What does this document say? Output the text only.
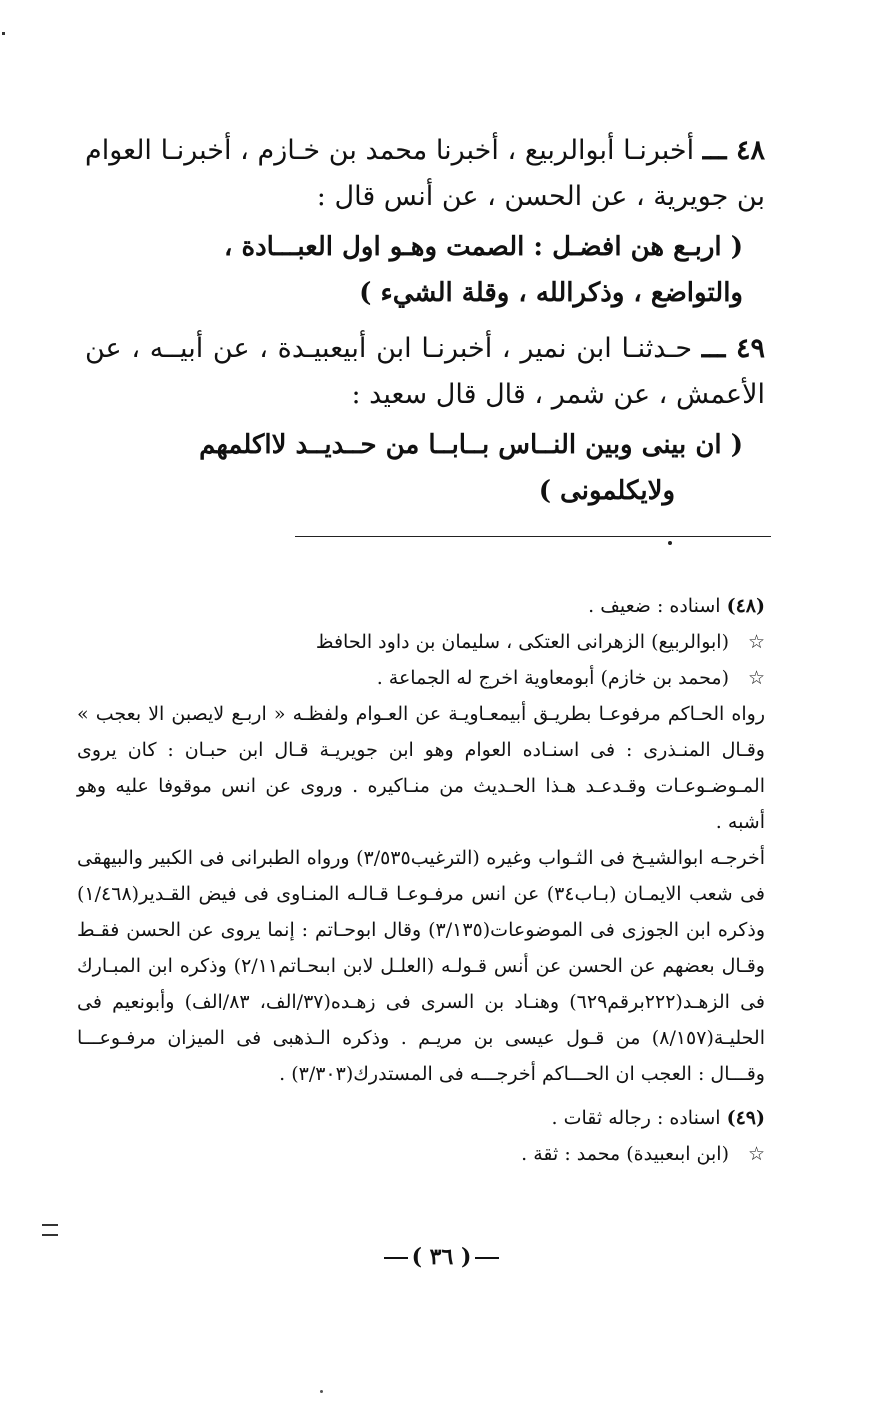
٤٨ ـــ أخبرنـا أبوالربيع ، أخبرنا محمد بن خـازم ، أخبرنـا العوام بن جويرية ، عن الحسن ، عن أنس قال :

( اربـع هن افضـل : الصمت وهـو اول العبـــادة ،
والتواضع ، وذكرالله ، وقلة الشيء )

٤٩ ـــ حـدثنـا ابن نمير ، أخبرنـا ابن أبيعبيـدة ، عن أبيــه ، عن الأعمش ، عن شمر ، قال قال سعيد :

( ان بينى وبين النــاس بــابــا من حــديــد لااكلمهم
ولايكلمونى )

(٤٨) اسناده : ضعيف .

☆(ابوالربيع) الزهرانى العتكى ، سليمان بن داود الحافظ

☆(محمد بن خازم) أبومعاوية اخرج له الجماعة .

رواه الحـاكم مرفوعـا بطريـق أبيمعـاويـة عن العـوام ولفظـه « اربـع لايصبن الا بعجب » وقـال المنـذرى : فى اسنـاده العوام وهو ابن جويريـة قـال ابن حبـان : كان يروى المـوضـوعـات وقـدعـد هـذا الحـديث من منـاكيره . وروى عن انس موقوفا عليه وهو أشبه .

أخرجـه ابوالشيـخ فى الثـواب وغيره (الترغيب٣/٥٣٥) ورواه الطبرانى فى الكبير والبيهقى فى شعب الايمـان (بـاب٣٤) عن انس مرفـوعـا قـالـه المنـاوى فى فيض القـدير(١/٤٦٨) وذكره ابن الجوزى فى الموضوعات(٣/١٣٥) وقال ابوحـاتم : إنما يروى عن الحسن فقـط وقـال بعضهم عن الحسن عن أنس قـولـه (العلـل لابن ابىحـاتم٢/١١) وذكره ابن المبـارك فى الزهـد(٢٢٢برقم٦٢٩) وهنـاد بن السرى فى زهـده(٣٧/الف، ٨٣/الف) وأبونعيم فى الحليـة(٨/١٥٧) من قـول عيسى بن مريـم . وذكره الـذهبى فى الميزان مرفـوعـــا وقـــال : العجب ان الحـــاكم أخرجـــه فى المستدرك(٣/٣٠٣) .

(٤٩) اسناده : رجاله ثقات .

☆(ابن ابىعبيدة) محمد : ثقة .

( ٣٦ )
